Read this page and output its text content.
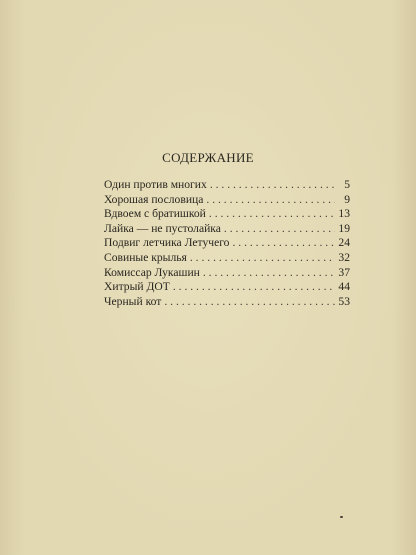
СОДЕРЖАНИЕ
Один против многих . . .	5
Хорошая пословица . . .	9
Вдвоем с братишкой . . .	13
Лайка — не пустолайка . . .	19
Подвиг летчика Летучего . . .	24
Совиные крылья . . .	32
Комиссар Лукашин . . .	37
Хитрый ДОТ . . .	44
Черный кот . . .	53
